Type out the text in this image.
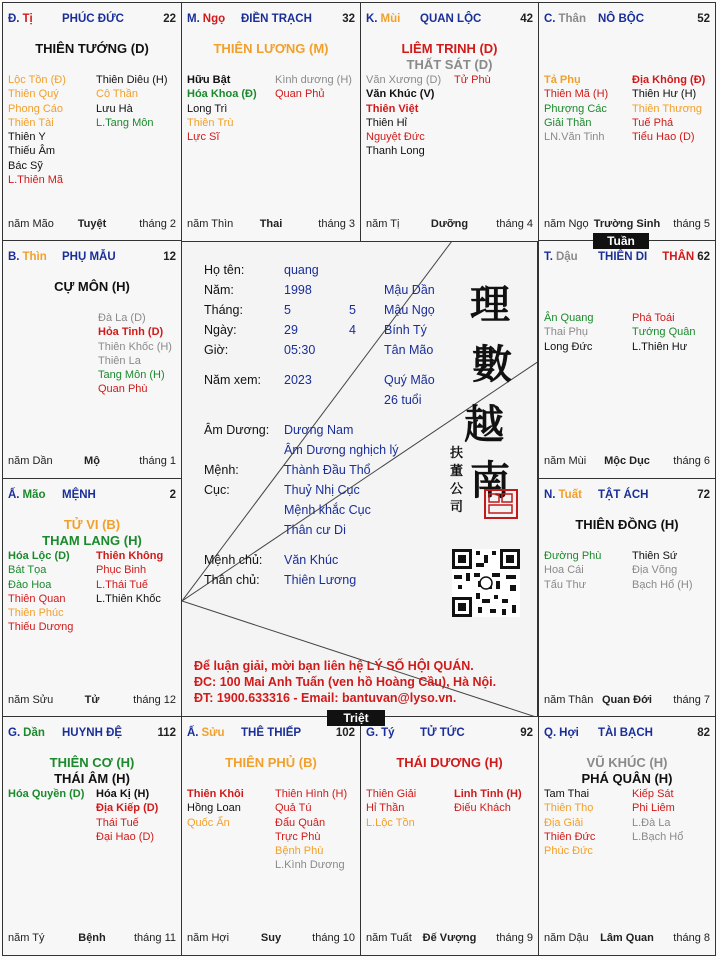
Họ tên:	quang
Năm:	1998	Mậu Dần
Tháng:	5	5 Mậu Ngọ
Ngày:	29	4 Bính Tý
Giờ:	05:30	Tân Mão
Năm xem: 2023	Quý Mão
26 tuổi
Âm Dương: Dương Nam
Âm Dương nghịch lý
Mệnh:	Thành Đầu Thổ
Cục:	Thuỷ Nhị Cục
Mệnh khắc Cục
Thân cư Di
Mệnh chủ: Văn Khúc
Thân chủ: Thiên Lương
理
數
越
南
扶
董
公
司
Để luận giải, mời bạn liên hệ LÝ SỐ HỘI QUÁN.
ĐC: 100 Mai Anh Tuấn (ven hồ Hoàng Cầu), Hà Nội.
ĐT: 1900.633316 - Email: bantuvan@lyso.vn.
Đ. Tị	PHÚC ĐỨC	22
THIÊN TƯỚNG (D)
Lộc Tồn (Đ)
Thiên Quý
Phong Cáo
Thiên Tài
Thiên Y
Thiếu Âm
Bác Sỹ
L.Thiên Mã
Thiên Diêu (H)
Cô Thần
Lưu Hà
L.Tang Môn
Tuyệt
năm Mão	tháng 2
M. Ngọ ĐIỀN TRẠCH	32
THIÊN LƯƠNG (M)
Hữu Bật
Hóa Khoa (Đ)
Long Trì
Thiên Trù
Lực Sĩ
Kình dương (H)
Quan Phủ
Thai
năm Thìn	tháng 3
K. Mùi QUAN LỘC	42
LIÊM TRINH (D)
THẤT SÁT (D)
Văn Xương (D)
Văn Khúc (V)
Thiên Việt
Thiên Hỉ
Nguyệt Đức
Thanh Long
Tử Phù
Dưỡng
năm Tị	tháng 4
C. Thân NÔ BỘC	52
Tả Phụ
Thiên Mã (H)
Phượng Các
Giải Thần
LN.Văn Tinh
Địa Không (Đ)
Thiên Hư (H)
Thiên Thương
Tuế Phá
Tiểu Hao (D)
Trường Sinh
năm Ngọ	tháng 5
B. Thìn PHỤ MẪU	12
CỰ MÔN (H)
Đà La (D)
Hỏa Tinh (D)
Thiên Khốc (H)
Thiên La
Tang Môn (H)
Quan Phù
Mộ
năm Dần	tháng 1
T. Dậu THIÊN DI THÂN 62
Ân Quang
Thai Phụ
Long Đức
Phá Toái
Tướng Quân
L.Thiên Hư
Mộc Dục
năm Mùi	tháng 6
Ấ. Mão MỆNH	2
TỬ VI (B)
THAM LANG (H)
Hóa Lộc (D)
Bát Tọa
Đào Hoa
Thiên Quan
Thiên Phúc
Thiếu Dương
Thiên Không
Phục Binh
L.Thái Tuế
L.Thiên Khốc
Tử
năm Sửu	tháng 12
N. Tuất TẬT ÁCH	72
THIÊN ĐỒNG (H)
Đường Phù
Hoa Cái
Tấu Thư
Thiên Sứ
Địa Võng
Bạch Hổ (H)
Quan Đới
năm Thân	tháng 7
G. Dần HUYNH ĐỆ	112
THIÊN CƠ (H)
THÁI ÂM (H)
Hóa Quyền (D) Hóa Kị (H)
Địa Kiếp (D)
Thái Tuế
Đại Hao (D)
Bệnh
năm Tý	tháng 11
Ấ. Sửu THÊ THIẾP	102
THIÊN PHỦ (B)
Thiên Khôi
Hồng Loan
Quốc Ấn
Thiên Hình (H)
Quả Tú
Đẩu Quân
Trực Phù
Bệnh Phù
L.Kình Dương
Suy
năm Hợi	tháng 10
G. Tý TỬ TỨC	92
THÁI DƯƠNG (H)
Thiên Giải
Hỉ Thần
L.Lộc Tồn
Linh Tinh (H)
Điếu Khách
Đế Vượng
năm Tuất	tháng 9
Q. Hợi TÀI BẠCH	82
VŨ KHÚC (H)
PHÁ QUÂN (H)
Tam Thai
Thiên Thọ
Địa Giải
Thiên Đức
Phúc Đức
Kiếp Sát
Phi Liêm
L.Đà La
L.Bạch Hổ
Lâm Quan
năm Dậu	tháng 8
Tuần
Triệt
